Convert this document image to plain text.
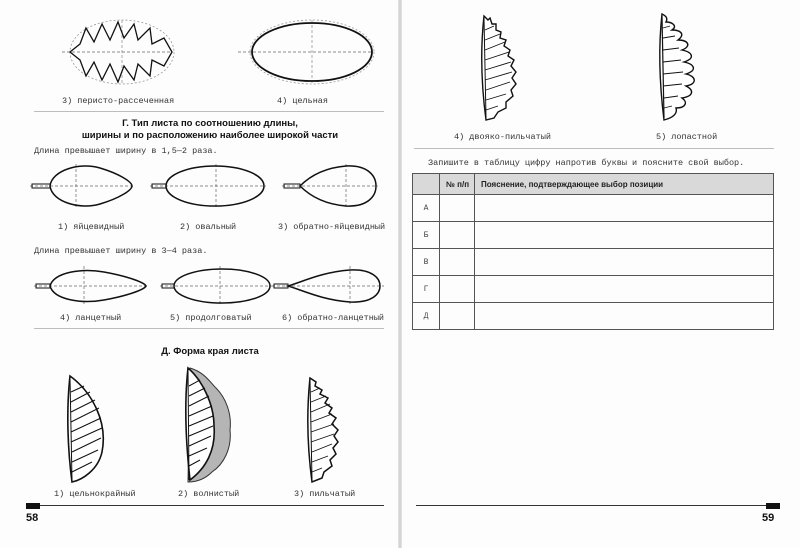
3) перисто-рассеченная	4) цельная
Г. Тип листа по соотношению длины,
ширины и по расположению наиболее широкой части
Длина превышает ширину в 1,5—2 раза.
1) яйцевидный	2) овальный	3) обратно-яйцевидный
Длина превышает ширину в 3—4 раза.
4) ланцетный	5) продолговатый	6) обратно-ланцетный
Д. Форма края листа
1) цельнокрайный	2) волнистый	3) пильчатый
58
4) двояко-пильчатый	5) лопастной
Запишите в таблицу цифру напротив буквы и поясните свой выбор.
	№ п/п	Пояснение, подтверждающее выбор позиции
А		
Б		
В		
Г		
Д		
59
